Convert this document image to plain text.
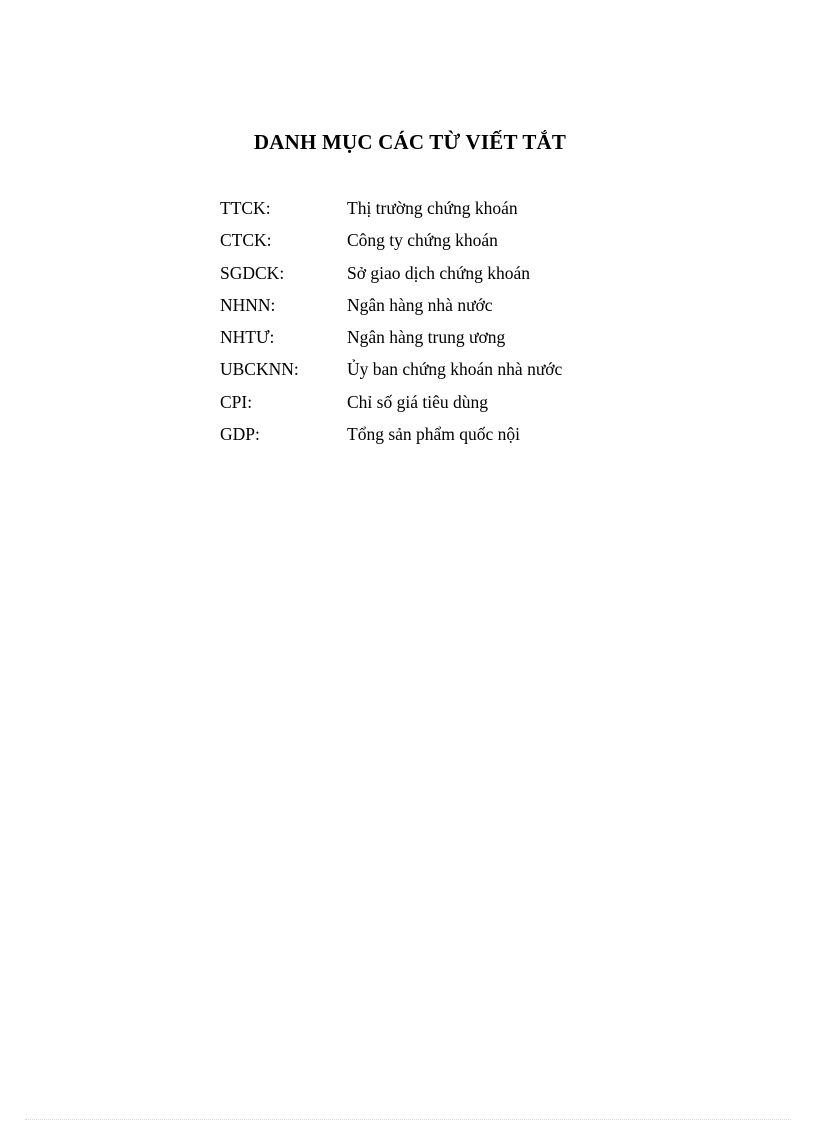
DANH MỤC CÁC TỪ VIẾT TẮT
TTCK:	Thị trường chứng khoán
CTCK:	Công ty chứng khoán
SGDCK:	Sở giao dịch chứng khoán
NHNN:	Ngân hàng nhà nước
NHTƯ:	Ngân hàng trung ương
UBCKNN:	Ủy ban chứng khoán nhà nước
CPI:	Chỉ số giá tiêu dùng
GDP:	Tổng sản phẩm quốc nội
